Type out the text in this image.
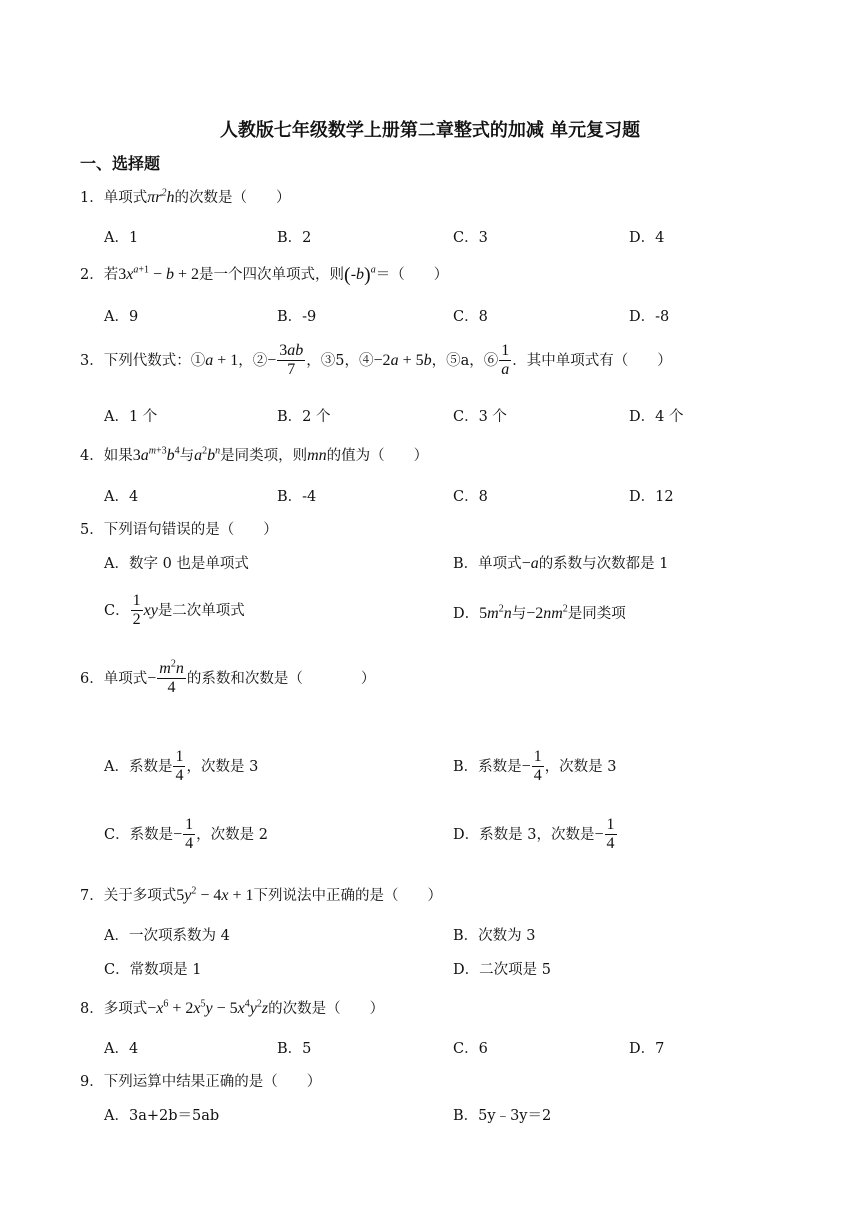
人教版七年级数学上册第二章整式的加减 单元复习题
一、选择题
1．单项式$\pi r^2h$的次数是（　　）
A．1	B．2	C．3	D．4
2．若$3x^{a+1} - b + 2$是一个四次单项式，则$(-b)^a=$（　　）
A．9	B．-9	C．8	D．-8
3．下列代数式：①a + 1，②− $\frac{3ab}{7}$ ，③5，④−2a + 5b，⑤a，⑥ $\frac{1}{a}$ ．其中单项式有（　　）
A．1 个	B．2 个	C．3 个	D．4 个
4．如果$3a^{m+3}b^4$与$a^2b^n$是同类项，则mn的值为（　　）
A．4	B．-4	C．8	D．12
5．下列语句错误的是（　　）
A．数字 0 也是单项式	B．单项式−a的系数与次数都是 1
C． $\frac{1}{2}$ xy是二次单项式	D．$5m^2n$与$-2nm^2$是同类项
6．单项式− $\frac{m^2n}{4}$ 的系数和次数是（　　　　）
A．系数是 $\frac{1}{4}$ ，次数是 3	B．系数是− $\frac{1}{4}$ ，次数是 3
C．系数是− $\frac{1}{4}$ ，次数是 2	D．系数是 3，次数是− $\frac{1}{4}$
7．关于多项式$5y^2 - 4x + 1$下列说法中正确的是（　　）
A．一次项系数为 4	B．次数为 3
C．常数项是 1	D．二次项是 5
8．多项式$-x^6 + 2x^5y - 5x^4y^2z$的次数是（　　）
A．4	B．5	C．6	D．7
9．下列运算中结果正确的是（　　）
A．3a+2b＝5ab	B．5y﹣3y＝2
